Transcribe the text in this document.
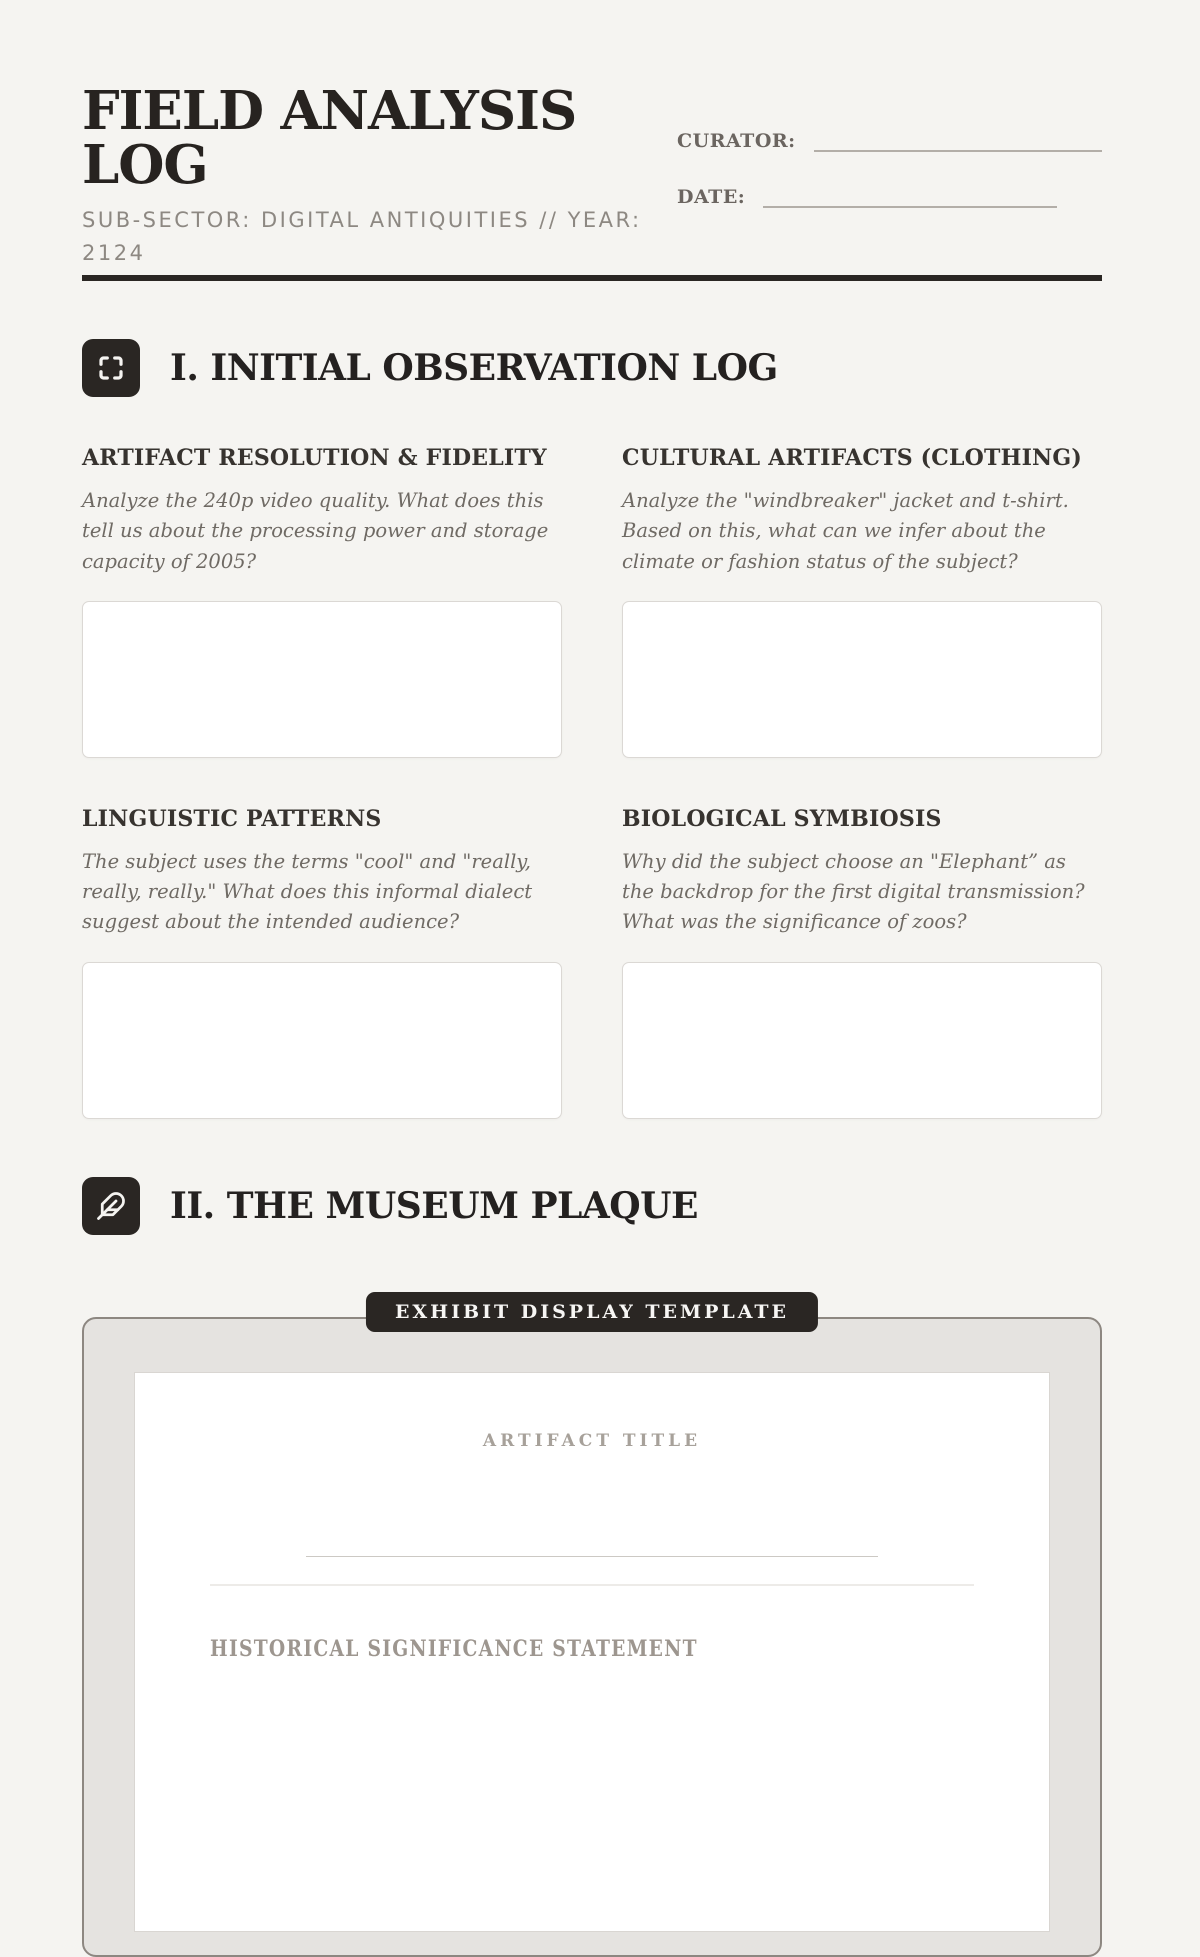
FIELD ANALYSIS LOG
SUB-SECTOR: DIGITAL ANTIQUITIES // YEAR: 2124
CURATOR:
DATE:
I. INITIAL OBSERVATION LOG
ARTIFACT RESOLUTION & FIDELITY

Analyze the 240p video quality. What does this tell us about the processing power and storage capacity of 2005?

CULTURAL ARTIFACTS (CLOTHING)

Analyze the "windbreaker" jacket and t-shirt. Based on this, what can we infer about the climate or fashion status of the subject?

LINGUISTIC PATTERNS

The subject uses the terms "cool" and "really, really, really." What does this informal dialect suggest about the intended audience?

BIOLOGICAL SYMBIOSIS

Why did the subject choose an "Elephant” as the backdrop for the first digital transmission? What was the significance of zoos?

II. THE MUSEUM PLAQUE
EXHIBIT DISPLAY TEMPLATE
ARTIFACT TITLE
HISTORICAL SIGNIFICANCE STATEMENT
